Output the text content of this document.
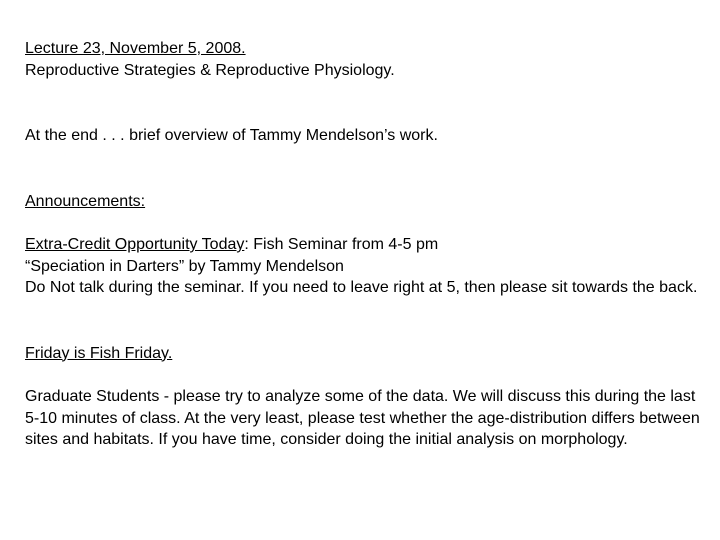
Lecture 23, November 5, 2008.
Reproductive Strategies & Reproductive Physiology.
At the end . . . brief overview of Tammy Mendelson’s work.
Announcements:
Extra-Credit Opportunity Today: Fish Seminar from 4-5 pm
“Speciation in Darters” by Tammy Mendelson
Do Not talk during the seminar. If you need to leave right at 5, then please sit towards the back.
Friday is Fish Friday.
Graduate Students - please try to analyze some of the data. We will discuss this during the last 5-10 minutes of class. At the very least, please test whether the age-distribution differs between sites and habitats. If you have time, consider doing the initial analysis on morphology.
